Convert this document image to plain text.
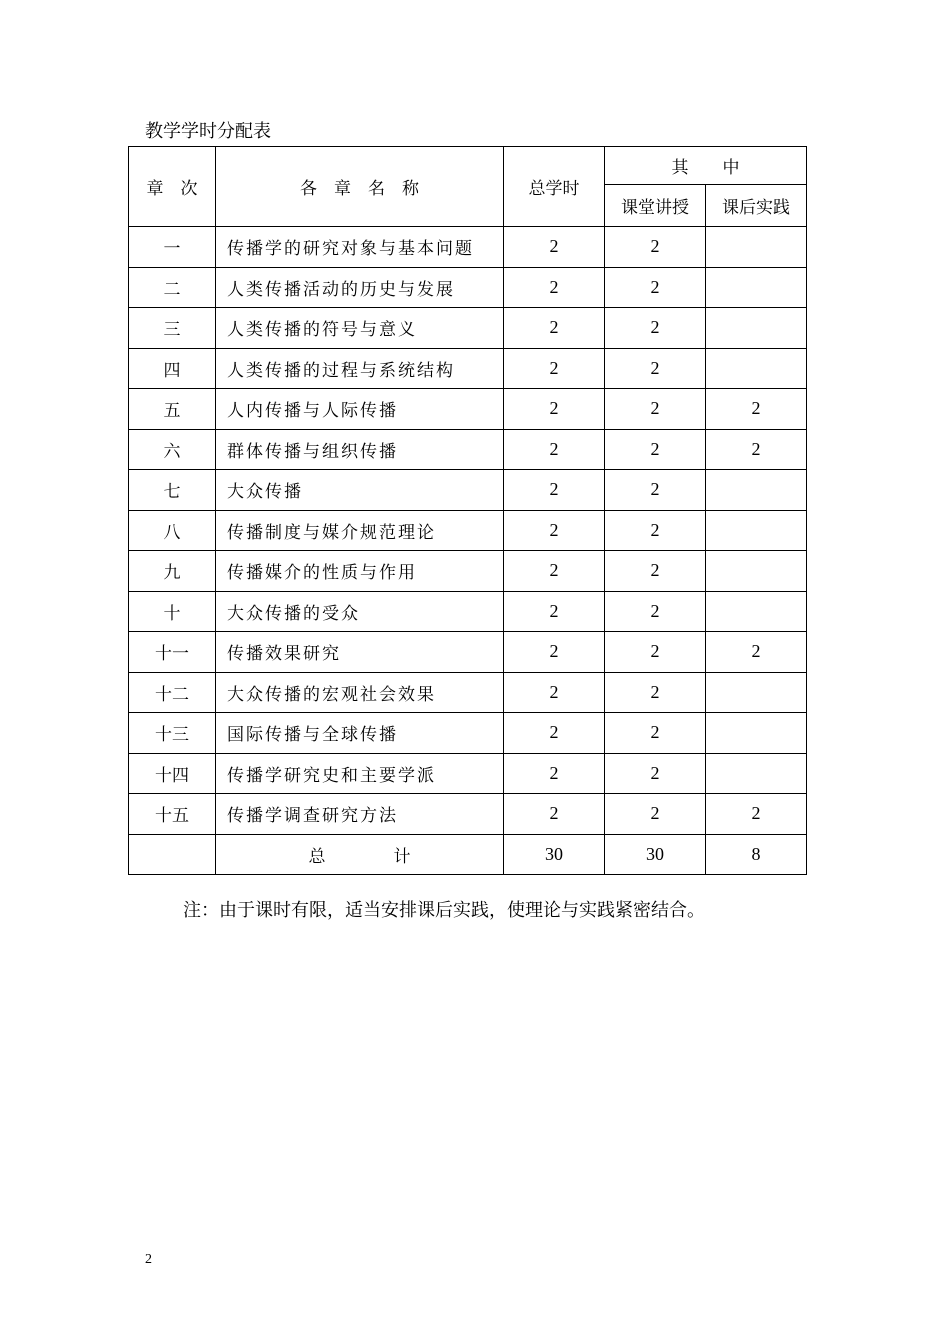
教学学时分配表
章　次	各　章　名　称	总学时	其　　中	
			课堂讲授	课后实践
一	传播学的研究对象与基本问题	2	2	
二	人类传播活动的历史与发展	2	2	
三	人类传播的符号与意义	2	2	
四	人类传播的过程与系统结构	2	2	
五	人内传播与人际传播	2	2	2
六	群体传播与组织传播	2	2	2
七	大众传播	2	2	
八	传播制度与媒介规范理论	2	2	
九	传播媒介的性质与作用	2	2	
十	大众传播的受众	2	2	
十一	传播效果研究	2	2	2
十二	大众传播的宏观社会效果	2	2	
十三	国际传播与全球传播	2	2	
十四	传播学研究史和主要学派	2	2	
十五	传播学调查研究方法	2	2	2
	总　　　　计	30	30	8
注：由于课时有限，适当安排课后实践，使理论与实践紧密结合。
2
